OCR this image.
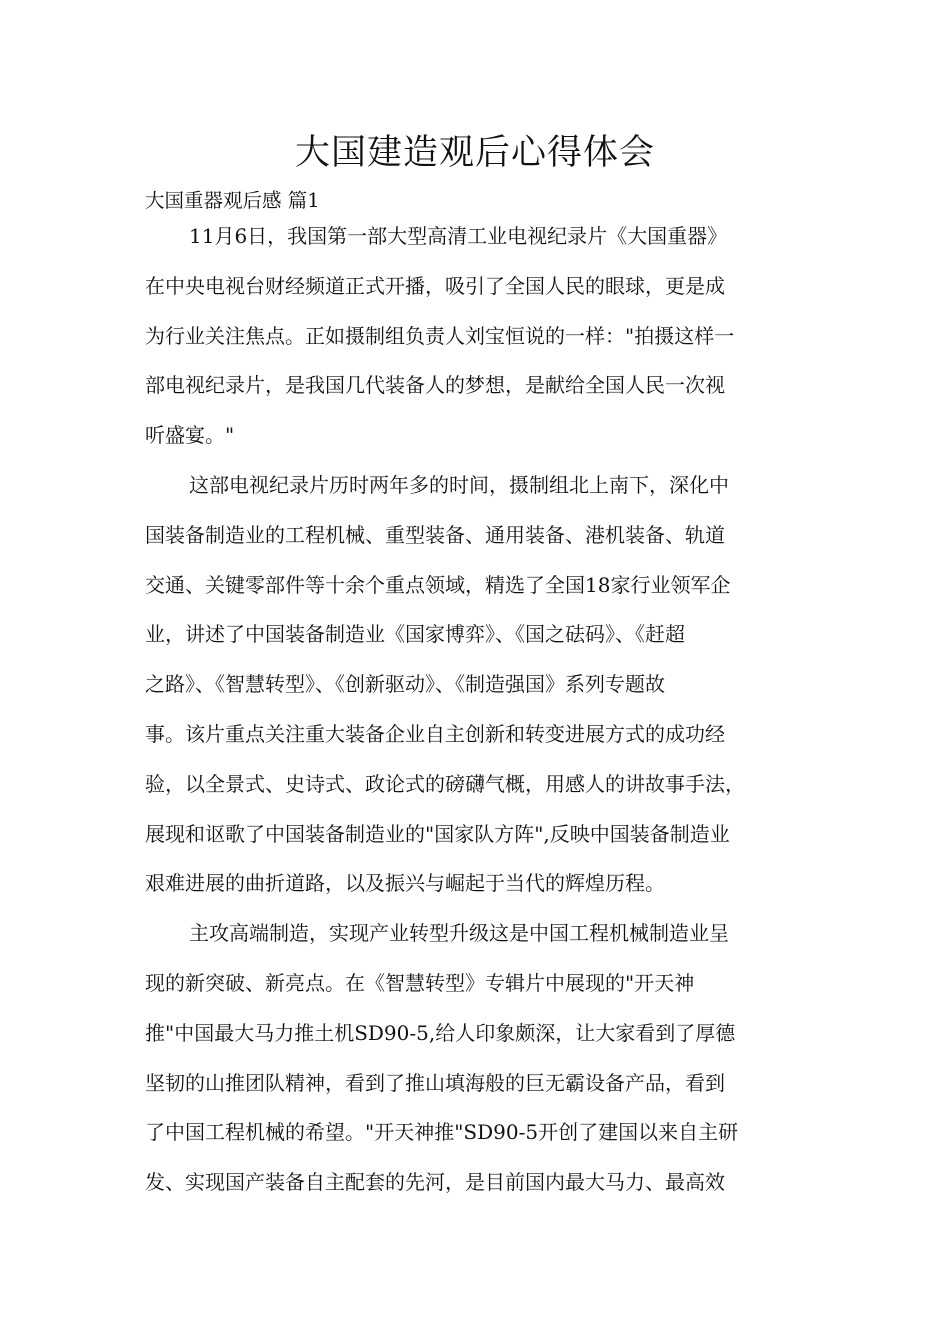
大国建造观后心得体会

大国重器观后感 篇1

11月6日，我国第一部大型高清工业电视纪录片《大国重器》
在中央电视台财经频道正式开播，吸引了全国人民的眼球，更是成
为行业关注焦点。正如摄制组负责人刘宝恒说的一样："拍摄这样一
部电视纪录片，是我国几代装备人的梦想，是献给全国人民一次视
听盛宴。"
这部电视纪录片历时两年多的时间，摄制组北上南下，深化中
国装备制造业的工程机械、重型装备、通用装备、港机装备、轨道
交通、关键零部件等十余个重点领域，精选了全国18家行业领军企
业，讲述了中国装备制造业《国家博弈》、《国之砝码》、《赶超
之路》、《智慧转型》、《创新驱动》、《制造强国》系列专题故
事。该片重点关注重大装备企业自主创新和转变进展方式的成功经
验，以全景式、史诗式、政论式的磅礴气概，用感人的讲故事手法，
展现和讴歌了中国装备制造业的"国家队方阵",反映中国装备制造业
艰难进展的曲折道路，以及振兴与崛起于当代的辉煌历程。
主攻高端制造，实现产业转型升级这是中国工程机械制造业呈
现的新突破、新亮点。在《智慧转型》专辑片中展现的"开天神
推"中国最大马力推土机SD90-5,给人印象颇深，让大家看到了厚德
坚韧的山推团队精神，看到了推山填海般的巨无霸设备产品，看到
了中国工程机械的希望。"开天神推"SD90-5开创了建国以来自主研
发、实现国产装备自主配套的先河，是目前国内最大马力、最高效
